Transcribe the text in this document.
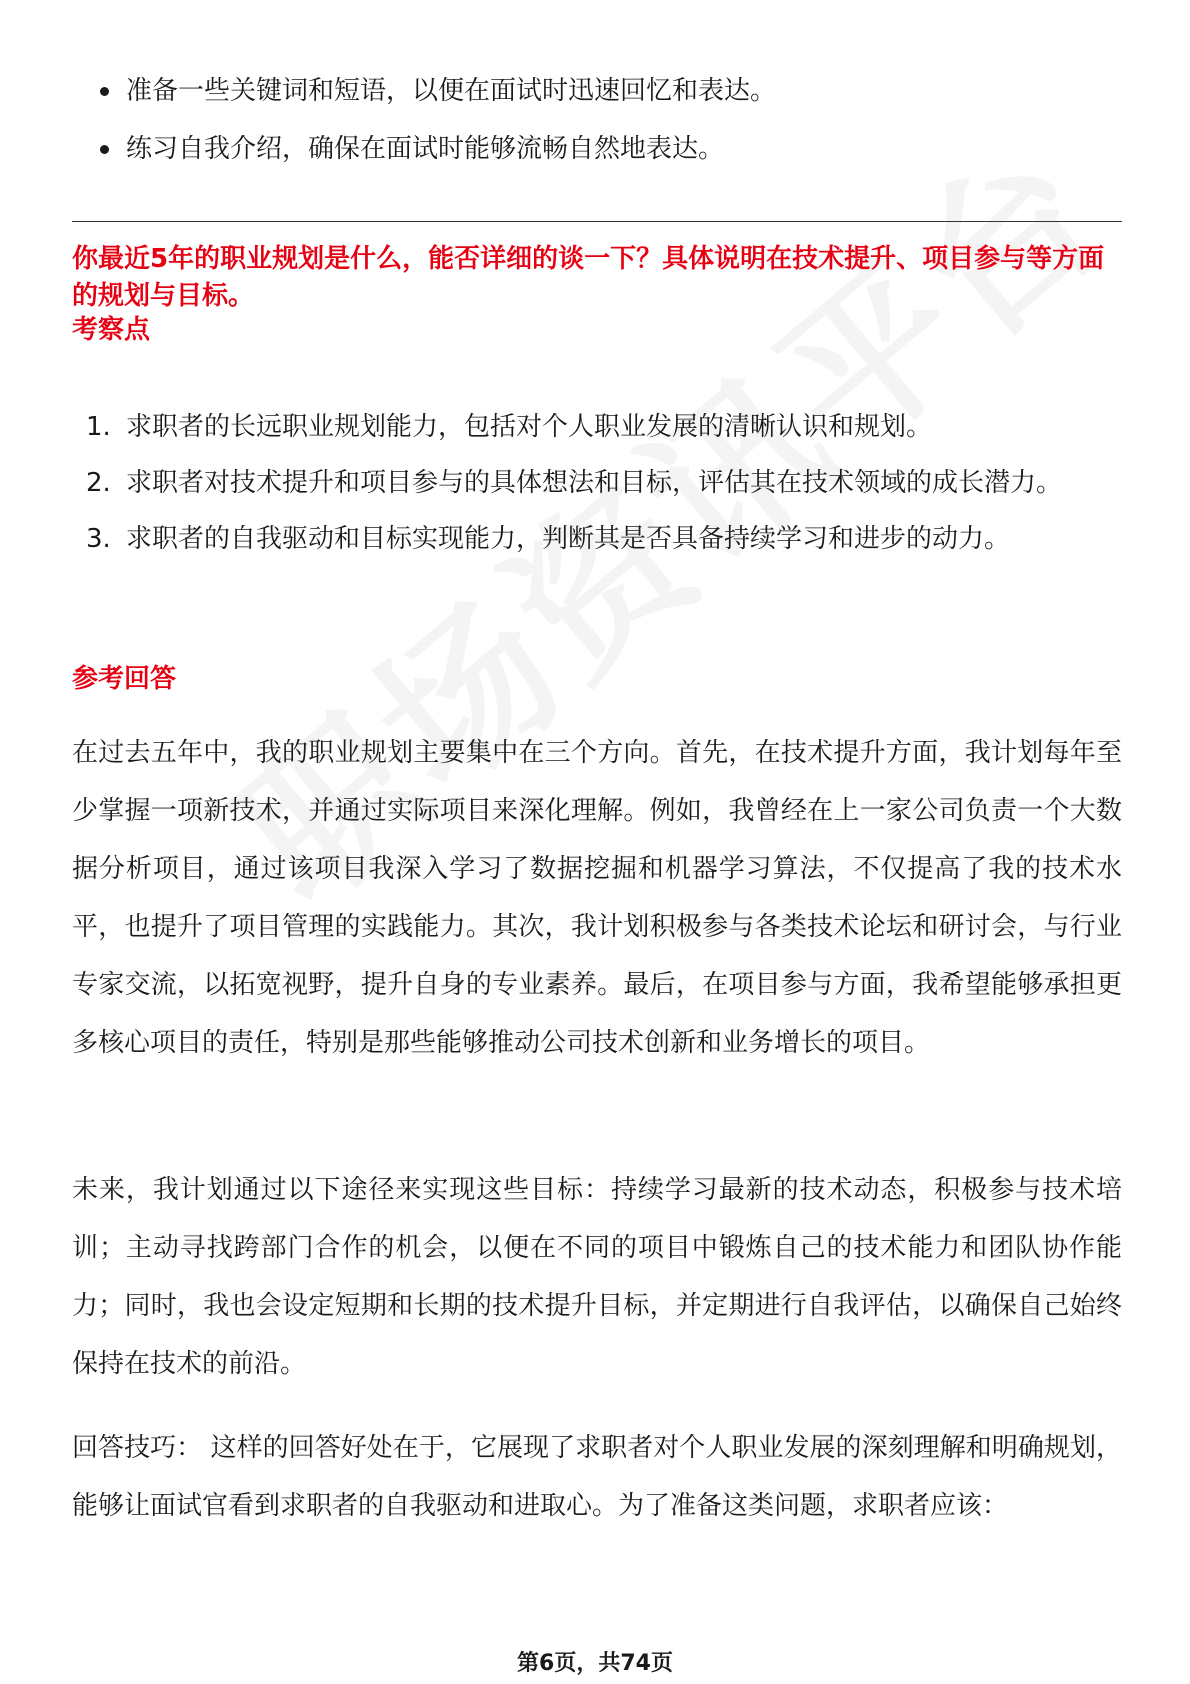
准备一些关键词和短语，以便在面试时迅速回忆和表达。
练习自我介绍，确保在面试时能够流畅自然地表达。

你最近5年的职业规划是什么，能否详细的谈一下？具体说明在技术提升、项目参与等方面的规划与目标。

考察点
1. 求职者的长远职业规划能力，包括对个人职业发展的清晰认识和规划。
2. 求职者对技术提升和项目参与的具体想法和目标，评估其在技术领域的成长潜力。
3. 求职者的自我驱动和目标实现能力，判断其是否具备持续学习和进步的动力。
参考回答

在过去五年中，我的职业规划主要集中在三个方向。首先，在技术提升方面，我计划每年至少掌握一项新技术，并通过实际项目来深化理解。例如，我曾经在上一家公司负责一个大数据分析项目，通过该项目我深入学习了数据挖掘和机器学习算法，不仅提高了我的技术水平，也提升了项目管理的实践能力。其次，我计划积极参与各类技术论坛和研讨会，与行业专家交流，以拓宽视野，提升自身的专业素养。最后，在项目参与方面，我希望能够承担更多核心项目的责任，特别是那些能够推动公司技术创新和业务增长的项目。

未来，我计划通过以下途径来实现这些目标：持续学习最新的技术动态，积极参与技术培训；主动寻找跨部门合作的机会，以便在不同的项目中锻炼自己的技术能力和团队协作能力；同时，我也会设定短期和长期的技术提升目标，并定期进行自我评估，以确保自己始终保持在技术的前沿。

回答技巧： 这样的回答好处在于，它展现了求职者对个人职业发展的深刻理解和明确规划，能够让面试官看到求职者的自我驱动和进取心。为了准备这类问题，求职者应该：

第6页，共74页
